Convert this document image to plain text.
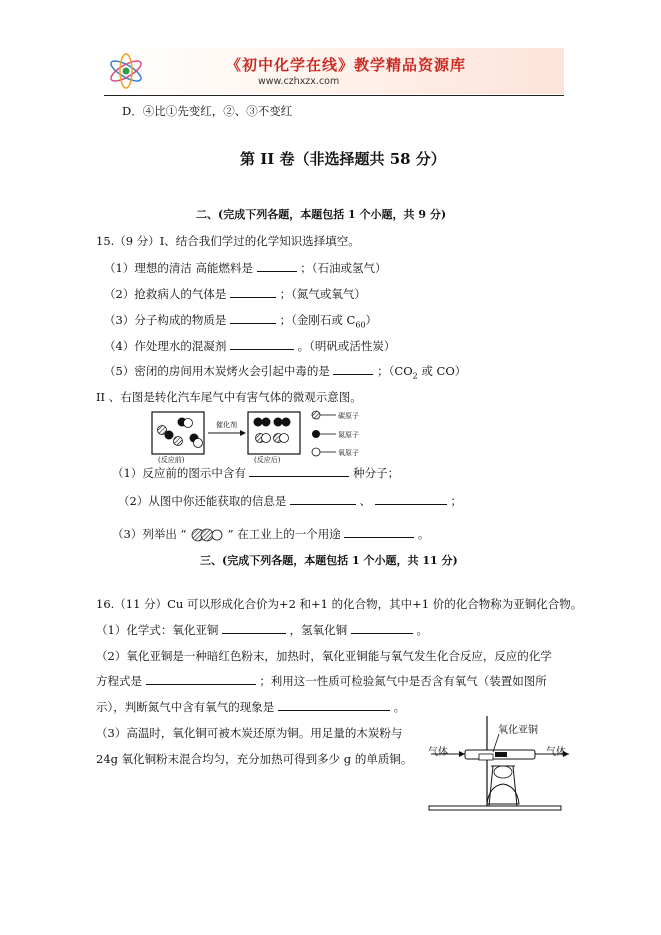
《初中化学在线》教学精品资源库
www.czhxzx.com
D．④比①先变红，②、③不变红
第 II 卷（非选择题共 58 分）
二、(完成下列各题，本题包括 1 个小题，共 9 分)
15.（9 分）Ⅰ、结合我们学过的化学知识选择填空。
（1）理想的清洁 高能燃料是	；（石油或氢气）
（2）抢救病人的气体是	；（氮气或氧气）
（3）分子构成的物质是	；（金刚石或 $C_{60}$）
（4）作处理水的混凝剂	。（明矾或活性炭）
（5）密闭的房间用木炭烤火会引起中毒的是	；（$CO_2$ 或 CO）
II 、右图是转化汽车尾气中有害气体的微观示意图。
催化剂
(反应前)	(反应后)
碳原子
氮原子
氧原子
（1）反应前的图示中含有	种分子；
（2）从图中你还能获取的信息是	、	；
（3）列举出 “	” 在工业上的一个用途	。
三、(完成下列各题，本题包括 1 个小题，共 11 分)
16.（11 分）Cu 可以形成化合价为+2 和+1 的化合物，其中+1 价的化合物称为亚铜化合物。
（1）化学式：氧化亚铜	，氢氧化铜	。
（2）氧化亚铜是一种暗红色粉末，加热时，氧化亚铜能与氧气发生化合反应，反应的化学
方程式是	；利用这一性质可检验氮气中是否含有氧气（装置如图所
示），判断氮气中含有氧气的现象是	。
（3）高温时，氧化铜可被木炭还原为铜。用足量的木炭粉与
24g 氧化铜粉末混合均匀，充分加热可得到多少 g 的单质铜。
氧化亚铜
气体	气体
